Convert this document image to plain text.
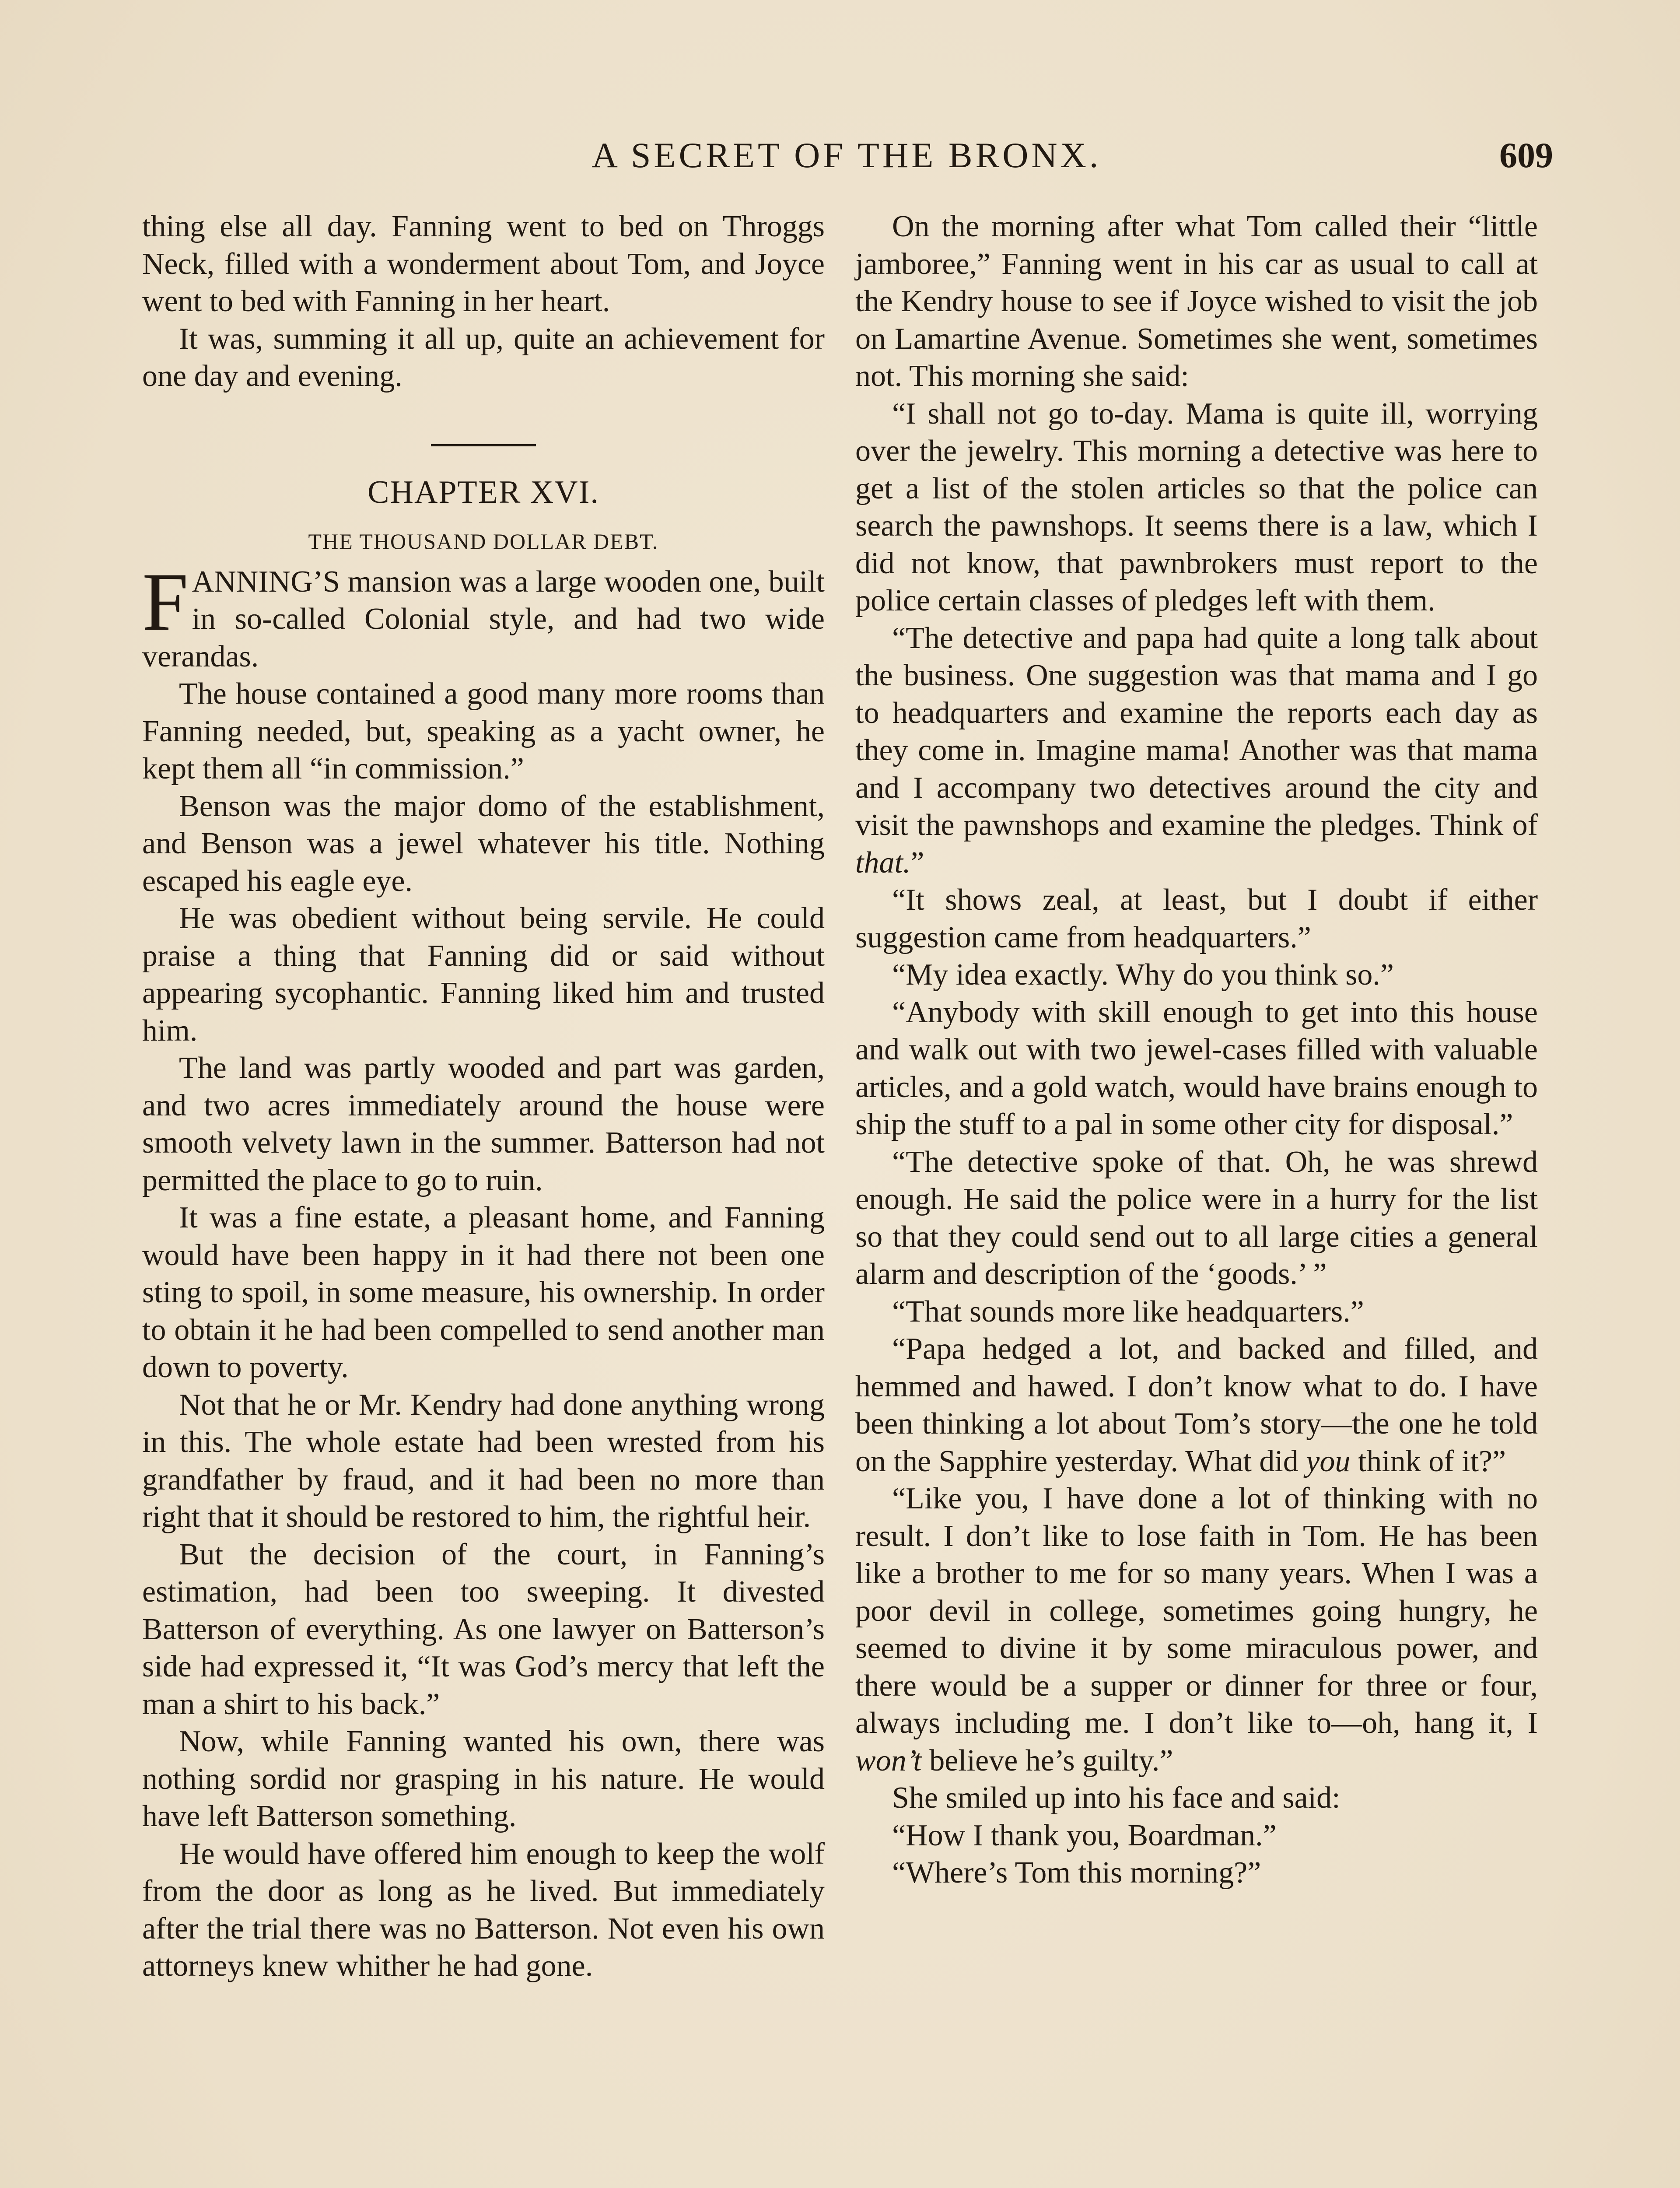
A SECRET OF THE BRONX.	609

thing else all day. Fanning went to bed on Throggs Neck, filled with a wonderment about Tom, and Joyce went to bed with Fanning in her heart.

It was, summing it all up, quite an achievement for one day and evening.

CHAPTER XVI.
THE THOUSAND DOLLAR DEBT.

FANNING’S mansion was a large wooden one, built in so-called Colonial style, and had two wide verandas.

The house contained a good many more rooms than Fanning needed, but, speaking as a yacht owner, he kept them all “in commission.”

Benson was the major domo of the establishment, and Benson was a jewel whatever his title. Nothing escaped his eagle eye.

He was obedient without being servile. He could praise a thing that Fanning did or said without appearing sycophantic. Fanning liked him and trusted him.

The land was partly wooded and part was garden, and two acres immediately around the house were smooth velvety lawn in the summer. Batterson had not permitted the place to go to ruin.

It was a fine estate, a pleasant home, and Fanning would have been happy in it had there not been one sting to spoil, in some measure, his ownership. In order to obtain it he had been compelled to send another man down to poverty.

Not that he or Mr. Kendry had done anything wrong in this. The whole estate had been wrested from his grandfather by fraud, and it had been no more than right that it should be restored to him, the rightful heir.

But the decision of the court, in Fanning’s estimation, had been too sweeping. It divested Batterson of everything. As one lawyer on Batterson’s side had expressed it, “It was God’s mercy that left the man a shirt to his back.”

Now, while Fanning wanted his own, there was nothing sordid nor grasping in his nature. He would have left Batterson something.

He would have offered him enough to keep the wolf from the door as long as he lived. But immediately after the trial there was no Batterson. Not even his own attorneys knew whither he had gone.

On the morning after what Tom called their “little jamboree,” Fanning went in his car as usual to call at the Kendry house to see if Joyce wished to visit the job on Lamartine Avenue. Sometimes she went, sometimes not. This morning she said:

“I shall not go to-day. Mama is quite ill, worrying over the jewelry. This morning a detective was here to get a list of the stolen articles so that the police can search the pawnshops. It seems there is a law, which I did not know, that pawnbrokers must report to the police certain classes of pledges left with them.

“The detective and papa had quite a long talk about the business. One suggestion was that mama and I go to headquarters and examine the reports each day as they come in. Imagine mama! Another was that mama and I accompany two detectives around the city and visit the pawnshops and examine the pledges. Think of that.”

“It shows zeal, at least, but I doubt if either suggestion came from headquarters.”

“My idea exactly. Why do you think so.”

“Anybody with skill enough to get into this house and walk out with two jewel-cases filled with valuable articles, and a gold watch, would have brains enough to ship the stuff to a pal in some other city for disposal.”

“The detective spoke of that. Oh, he was shrewd enough. He said the police were in a hurry for the list so that they could send out to all large cities a general alarm and description of the ‘goods.’ ”

“That sounds more like headquarters.”

“Papa hedged a lot, and backed and filled, and hemmed and hawed. I don’t know what to do. I have been thinking a lot about Tom’s story—the one he told on the Sapphire yesterday. What did you think of it?”

“Like you, I have done a lot of thinking with no result. I don’t like to lose faith in Tom. He has been like a brother to me for so many years. When I was a poor devil in college, sometimes going hungry, he seemed to divine it by some miraculous power, and there would be a supper or dinner for three or four, always including me. I don’t like to—oh, hang it, I won’t believe he’s guilty.”

She smiled up into his face and said:

“How I thank you, Boardman.”

“Where’s Tom this morning?”
